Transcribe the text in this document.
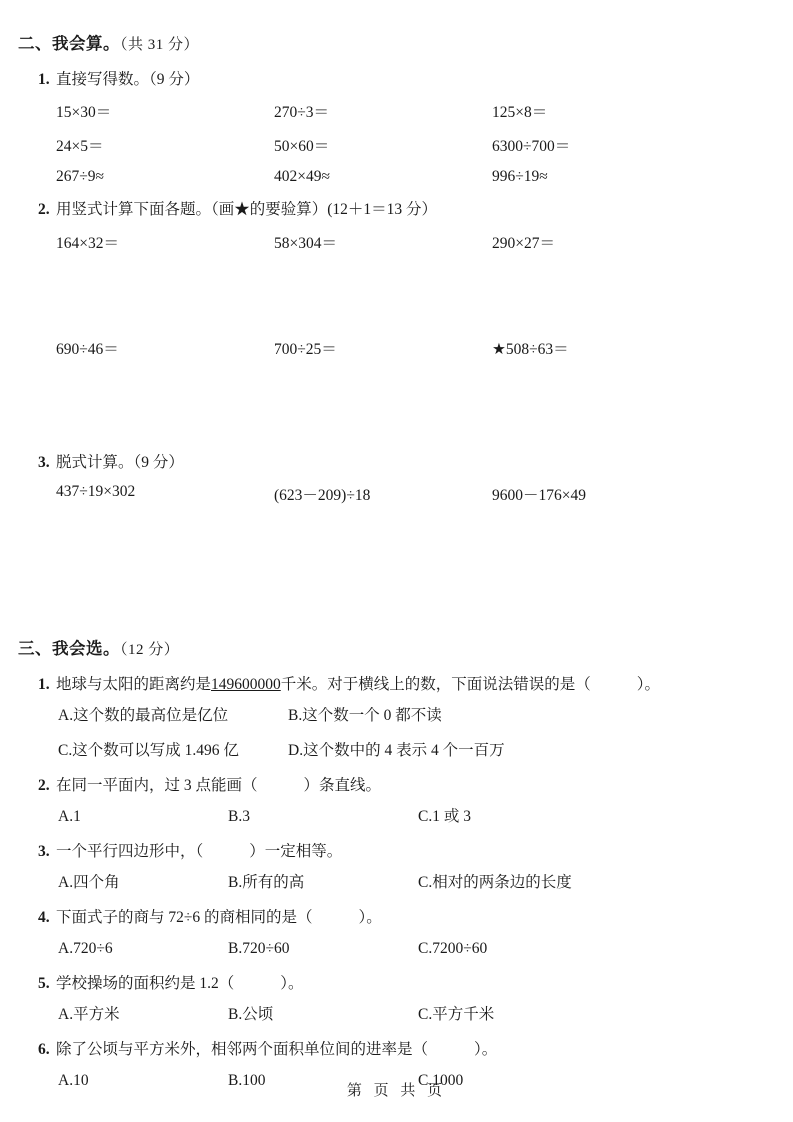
二、我会算。（共 31 分）
1. 直接写得数。（9 分）
15×30＝	270÷3＝	125×8＝
24×5＝	50×60＝	6300÷700＝
267÷9≈	402×49≈	996÷19≈
2. 用竖式计算下面各题。（画★的要验算）(12＋1＝13 分）
164×32＝	58×304＝	290×27＝
690÷46＝	700÷25＝	★508÷63＝
3. 脱式计算。（9 分）
437÷19×302	(623－209)÷18	9600－176×49
三、我会选。（12 分）
1. 地球与太阳的距离约是149600000千米。对于横线上的数，下面说法错误的是（	）。
A.这个数的最高位是亿位	B.这个数一个 0 都不读
C.这个数可以写成 1.496 亿	D.这个数中的 4 表示 4 个一百万
2. 在同一平面内，过 3 点能画（	）条直线。
A.1	B.3	C.1 或 3
3. 一个平行四边形中，（	）一定相等。
A.四个角	B.所有的高	C.相对的两条边的长度
4. 下面式子的商与 72÷6 的商相同的是（	）。
A.720÷6	B.720÷60	C.7200÷60
5. 学校操场的面积约是 1.2（	）。
A.平方米	B.公顷	C.平方千米
6. 除了公顷与平方米外，相邻两个面积单位间的进率是（	）。
A.10	B.100	C.1000
第 页 共 页
